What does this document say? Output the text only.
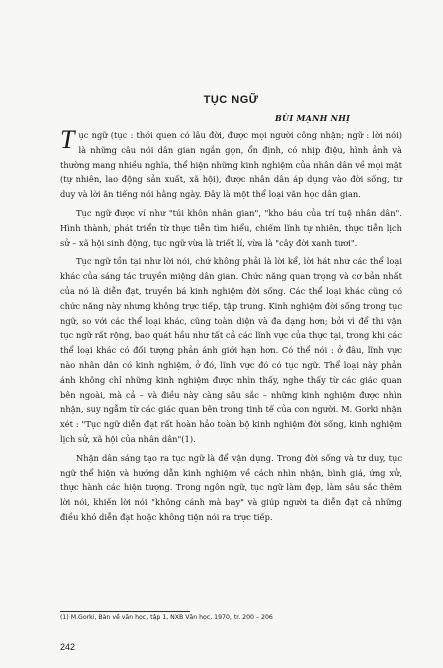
TỤC NGỮ
BÙI MẠNH NHỊ

Tục ngữ (tục : thói quen có lâu đời, được mọi người công nhận; ngữ : lời nói) là những câu nói dân gian ngắn gọn, ổn định, có nhịp điệu, hình ảnh và thường mang nhiều nghĩa, thể hiện những kinh nghiệm của nhân dân về mọi mặt (tự nhiên, lao động sản xuất, xã hội), được nhân dân áp dụng vào đời sống, tư duy và lời ăn tiếng nói hằng ngày. Đây là một thể loại văn học dân gian.

Tục ngữ được ví như "túi khôn nhân gian", "kho báu của trí tuệ nhân dân". Hình thành, phát triển từ thực tiễn tìm hiểu, chiếm lĩnh tự nhiên, thực tiễn lịch sử – xã hội sinh động, tục ngữ vừa là triết lí, vừa là "cây đời xanh tươi".

Tục ngữ tồn tại như lời nói, chứ không phải là lời kể, lời hát như các thể loại khác của sáng tác truyền miệng dân gian. Chức năng quan trọng và cơ bản nhất của nó là diễn đạt, truyền bá kinh nghiệm đời sống. Các thể loại khác cũng có chức năng này nhưng không trực tiếp, tập trung. Kinh nghiệm đời sống trong tục ngữ, so với các thể loại khác, cũng toàn diện và đa dạng hơn; bởi vì để thi vận tục ngữ rất rộng, bao quát hầu như tất cả các lĩnh vực của thực tại, trong khi các thể loại khác có đối tượng phản ánh giới hạn hơn. Có thể nói : ở đâu, lĩnh vực nào nhân dân có kinh nghiệm, ở đó, lĩnh vực đó có tục ngữ. Thể loại này phản ánh không chỉ những kinh nghiệm được nhìn thấy, nghe thấy từ các giác quan bên ngoài, mà cả – và điều này càng sâu sắc – những kinh nghiệm được nhìn nhận, suy ngẫm từ các giác quan bên trong tinh tế của con người. M. Gorki nhận xét : "Tục ngữ diễn đạt rất hoàn hảo toàn bộ kinh nghiệm đời sống, kinh nghiệm lịch sử, xã hội của nhân dân"(1).

Nhận dân sáng tạo ra tục ngữ là để vận dụng. Trong đời sống và tư duy, tục ngữ thể hiện và hướng dẫn kinh nghiệm về cách nhìn nhận, bình giá, ứng xử, thực hành các hiện tượng. Trong ngôn ngữ, tục ngữ làm đẹp, làm sâu sắc thêm lời nói, khiến lời nói "không cánh mà bay" và giúp người ta diễn đạt cả những điều khó diễn đạt hoặc không tiện nói ra trực tiếp.

(1) M.Gorki, Bàn về văn học, tập 1, NXB Văn học, 1970, tr. 200 – 206
242
